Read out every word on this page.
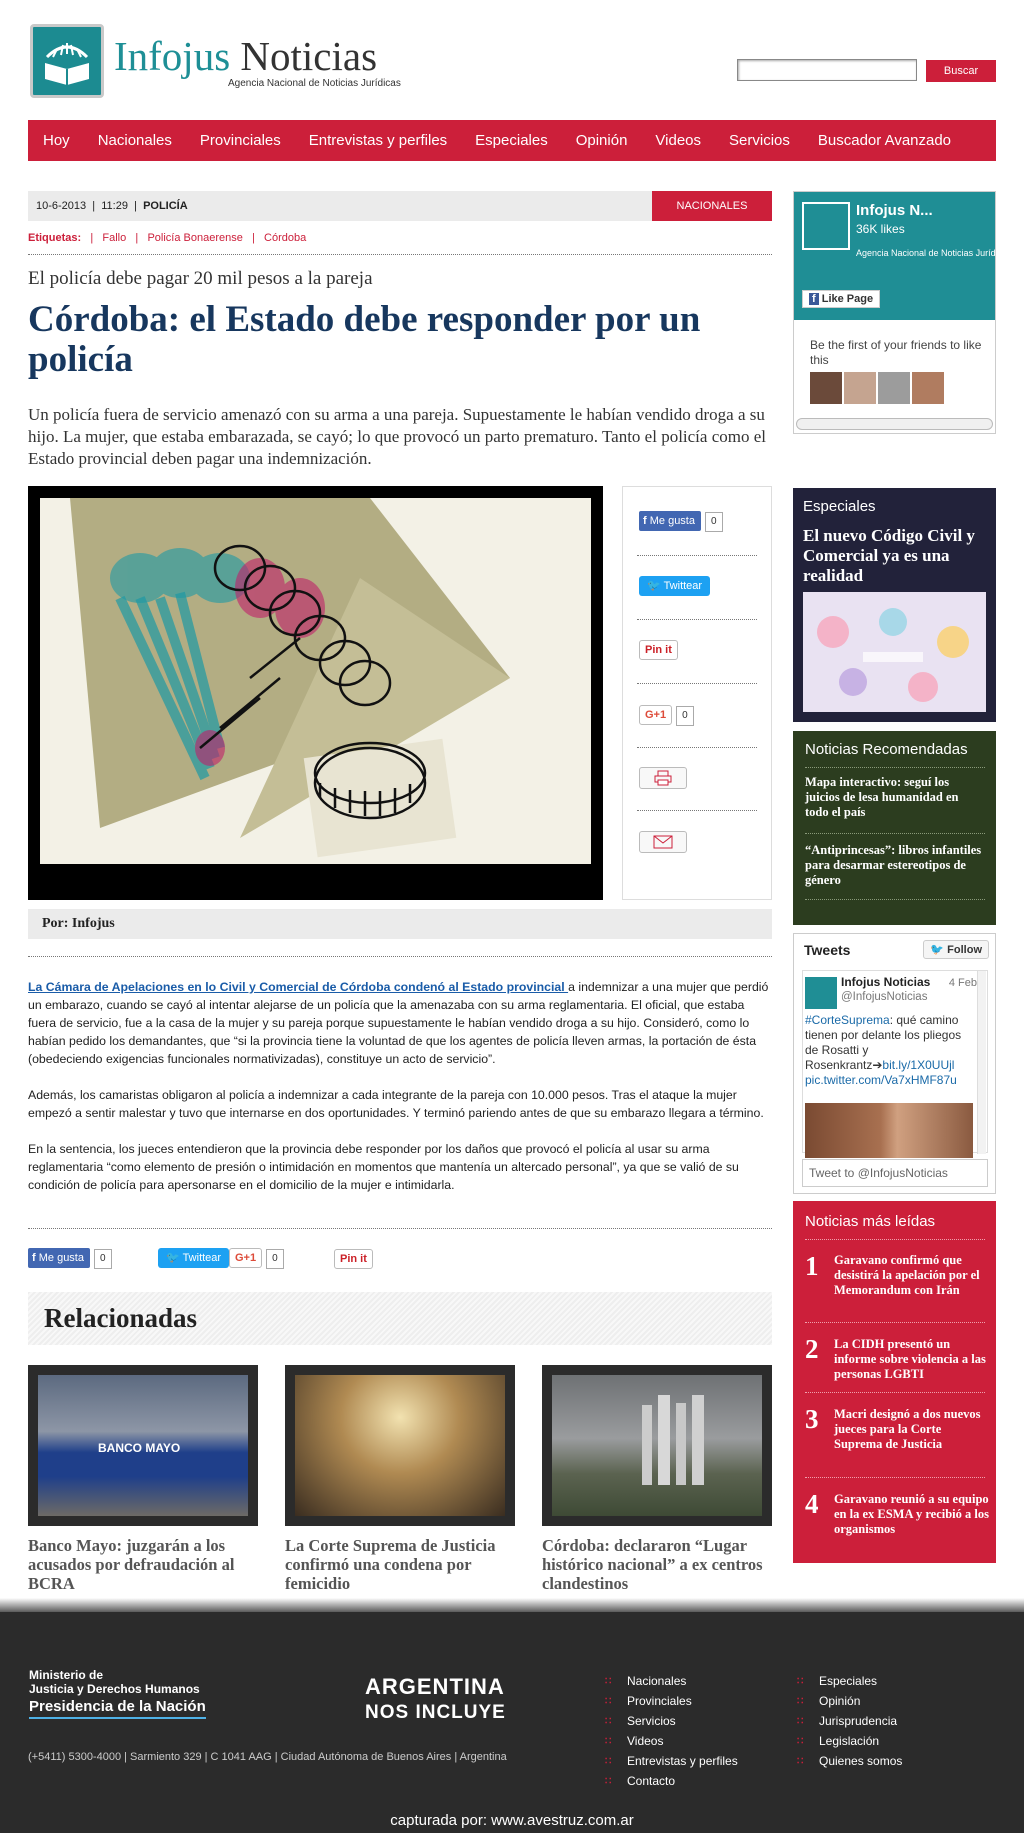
Infojus Noticias
Agencia Nacional de Noticias Jurídicas
Buscar
Hoy Nacionales Provinciales Entrevistas y perfiles Especiales Opinión Videos Servicios Buscador Avanzado
10-6-2013  |  11:29  |  POLICÍA	NACIONALES
Etiquetas:   |   Fallo   |   Policía Bonaerense   |   Córdoba
El policía debe pagar 20 mil pesos a la pareja
Córdoba: el Estado debe responder por un policía
Un policía fuera de servicio amenazó con su arma a una pareja. Supuestamente le habían vendido droga a su hijo. La mujer, que estaba embarazada, se cayó; lo que provocó un parto prematuro. Tanto el policía como el Estado provincial deben pagar una indemnización.
f Me gusta 0
🐦 Twittear
Pin it
G+1 0
Por: Infojus

La Cámara de Apelaciones en lo Civil y Comercial de Córdoba condenó al Estado provincial a indemnizar a una mujer que perdió un embarazo, cuando se cayó al intentar alejarse de un policía que la amenazaba con su arma reglamentaria. El oficial, que estaba fuera de servicio, fue a la casa de la mujer y su pareja porque supuestamente le habían vendido droga a su hijo. Consideró, como lo habían pedido los demandantes, que “si la provincia tiene la voluntad de que los agentes de policía lleven armas, la portación de ésta (obedeciendo exigencias funcionales normativizadas), constituye un acto de servicio”.

Además, los camaristas obligaron al policía a indemnizar a cada integrante de la pareja con 10.000 pesos. Tras el ataque la mujer empezó a sentir malestar y tuvo que internarse en dos oportunidades. Y terminó pariendo antes de que su embarazo llegara a término.

En la sentencia, los jueces entendieron que la provincia debe responder por los daños que provocó el policía al usar su arma reglamentaria “como elemento de presión o intimidación en momentos que mantenía un altercado personal”, ya que se valió de su condición de policía para apersonarse en el domicilio de la mujer e intimidarla.

f Me gusta 0	🐦 Twittear	G+1 0	Pin it
Relacionadas
BANCO MAYO
Banco Mayo: juzgarán a los acusados por defraudación al BCRA
La Corte Suprema de Justicia confirmó una condena por femicidio
Córdoba: declararon “Lugar histórico nacional” a ex centros clandestinos
Infojus N...
36K likes
Agencia Nacional de Noticias Jurídicas
f Like Page
Be the first of your friends to like this
Especiales
El nuevo Código Civil y Comercial ya es una realidad
Noticias Recomendadas
Mapa interactivo: seguí los juicios de lesa humanidad en todo el país
“Antiprincesas”: libros infantiles para desarmar estereotipos de género
Tweets	🐦 Follow
Infojus Noticias
@InfojusNoticias
4 Feb
#CorteSuprema: qué camino tienen por delante los pliegos de Rosatti y Rosenkrantz➔bit.ly/1X0UUjl pic.twitter.com/Va7xHMF87u
Tweet to @InfojusNoticias
Noticias más leídas
1 Garavano confirmó que desistirá la apelación por el Memorandum con Irán
2 La CIDH presentó un informe sobre violencia a las personas LGBTI
3 Macri designó a dos nuevos jueces para la Corte Suprema de Justicia
4 Garavano reunió a su equipo en la ex ESMA y recibió a los organismos
Ministerio de
Justicia y Derechos Humanos
Presidencia de la Nación
ARGENTINA
NOS INCLUYE
(+5411) 5300-4000 | Sarmiento 329 | C 1041 AAG | Ciudad Autónoma de Buenos Aires | Argentina
∷ Nacionales
∷ Provinciales
∷ Servicios
∷ Videos
∷ Entrevistas y perfiles
∷ Contacto
∷ Especiales
∷ Opinión
∷ Jurisprudencia
∷ Legislación
∷ Quienes somos
capturada por: www.avestruz.com.ar
